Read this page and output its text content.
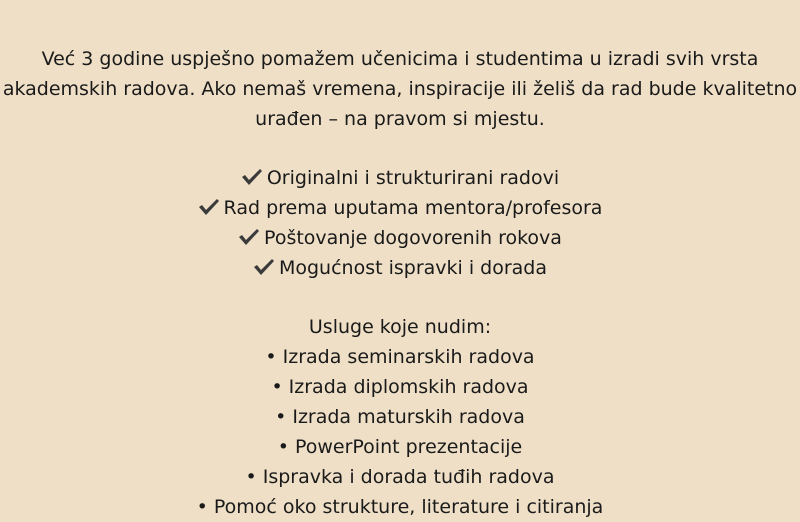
Već 3 godine uspješno pomažem učenicima i studentima u izradi svih vrsta

akademskih radova. Ako nemaš vremena, inspiracije ili želiš da rad bude kvalitetno

urađen – na pravom si mjestu.

Originalni i strukturirani radovi
Rad prema uputama mentora/profesora
Poštovanje dogovorenih rokova
Mogućnost ispravki i dorada
Usluge koje nudim:
• Izrada seminarskih radova
• Izrada diplomskih radova
• Izrada maturskih radova
• PowerPoint prezentacije
• Ispravka i dorada tuđih radova
• Pomoć oko strukture, literature i citiranja
